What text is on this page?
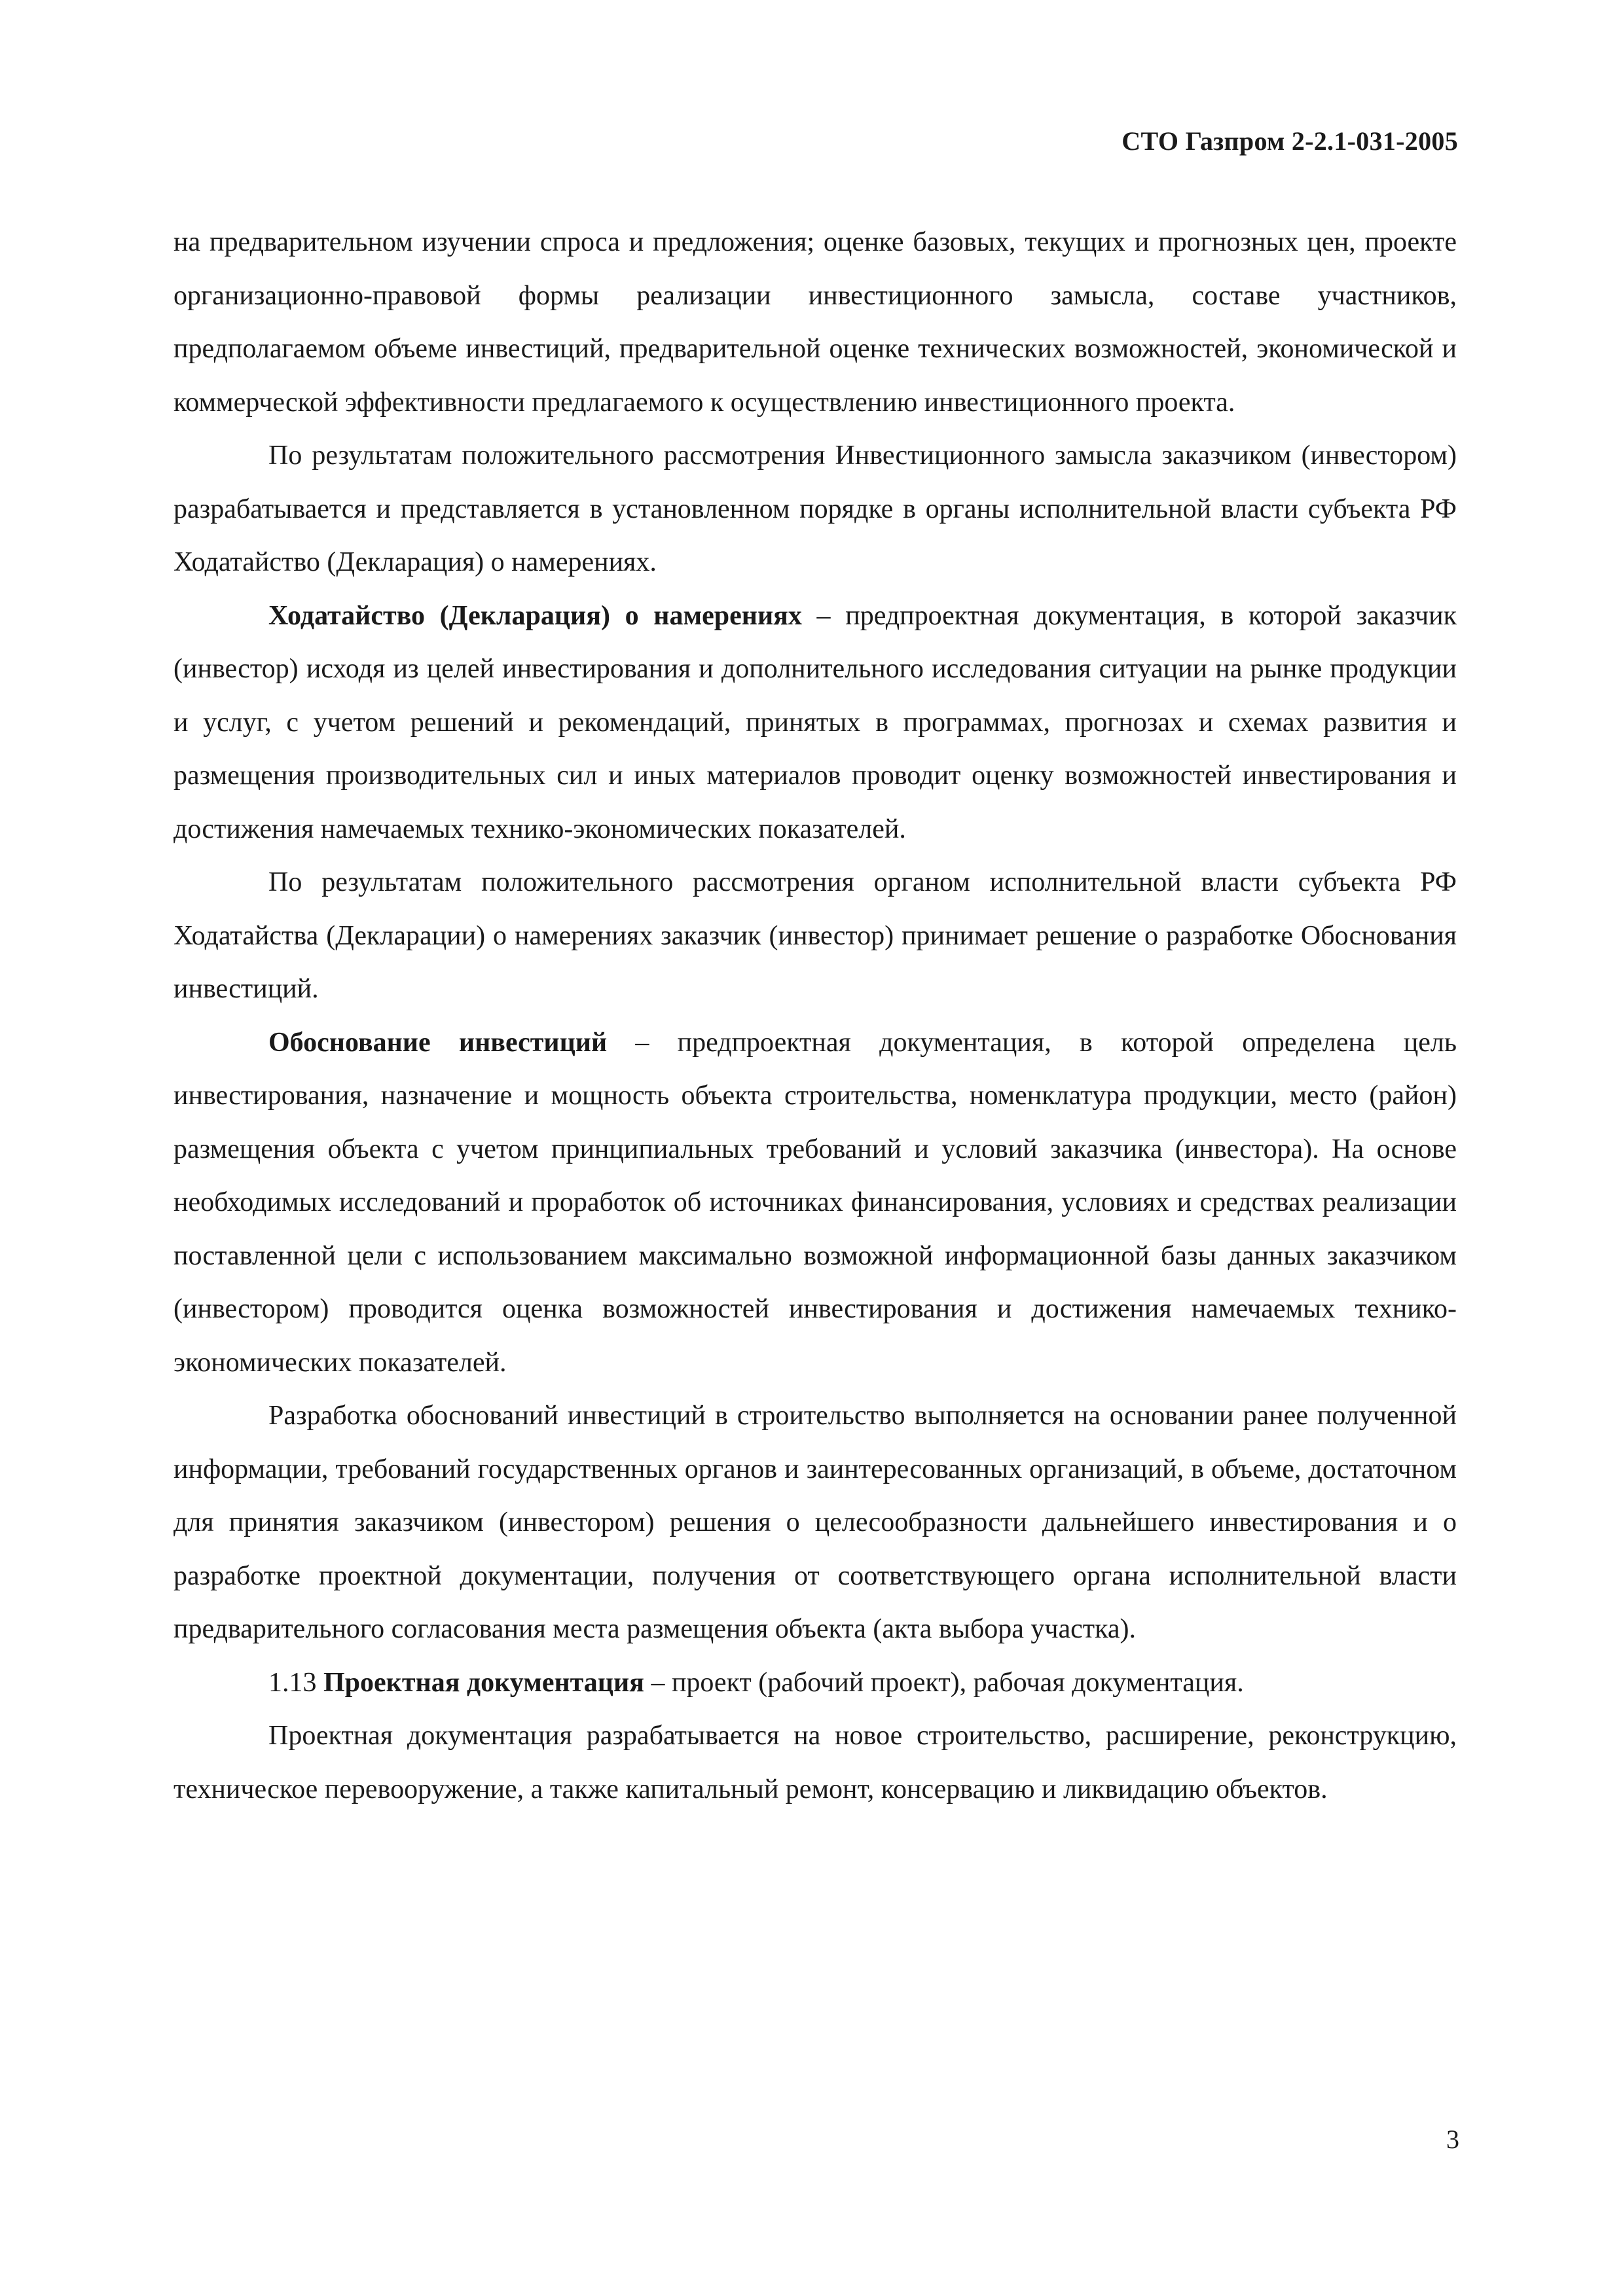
СТО Газпром 2-2.1-031-2005

на предварительном изучении спроса и предложения; оценке базовых, текущих и прогнозных цен, проекте организационно-правовой формы реализации инвестиционного замысла, составе участников, предполагаемом объеме инвестиций, предварительной оценке технических возможностей, экономической и коммерческой эффективности предлагаемого к осуществлению инвестиционного проекта.

По результатам положительного рассмотрения Инвестиционного замысла заказчиком (инвестором) разрабатывается и представляется в установленном порядке в органы исполнительной власти субъекта РФ Ходатайство (Декларация) о намерениях.

Ходатайство (Декларация) о намерениях – предпроектная документация, в которой заказчик (инвестор) исходя из целей инвестирования и дополнительного исследования ситуации на рынке продукции и услуг, с учетом решений и рекомендаций, принятых в программах, прогнозах и схемах развития и размещения производительных сил и иных материалов проводит оценку возможностей инвестирования и достижения намечаемых технико-экономических показателей.

По результатам положительного рассмотрения органом исполнительной власти субъекта РФ Ходатайства (Декларации) о намерениях заказчик (инвестор) принимает решение о разработке Обоснования инвестиций.

Обоснование инвестиций – предпроектная документация, в которой определена цель инвестирования, назначение и мощность объекта строительства, номенклатура продукции, место (район) размещения объекта с учетом принципиальных требований и условий заказчика (инвестора). На основе необходимых исследований и проработок об источниках финансирования, условиях и средствах реализации поставленной цели с использованием максимально возможной информационной базы данных заказчиком (инвестором) проводится оценка возможностей инвестирования и достижения намечаемых технико-экономических показателей.

Разработка обоснований инвестиций в строительство выполняется на основании ранее полученной информации, требований государственных органов и заинтересованных организаций, в объеме, достаточном для принятия заказчиком (инвестором) решения о целесообразности дальнейшего инвестирования и о разработке проектной документации, получения от соответствующего органа исполнительной власти предварительного согласования места размещения объекта (акта выбора участка).

1.13 Проектная документация – проект (рабочий проект), рабочая документация.

Проектная документация разрабатывается на новое строительство, расширение, реконструкцию, техническое перевооружение, а также капитальный ремонт, консервацию и ликвидацию объектов.

3
